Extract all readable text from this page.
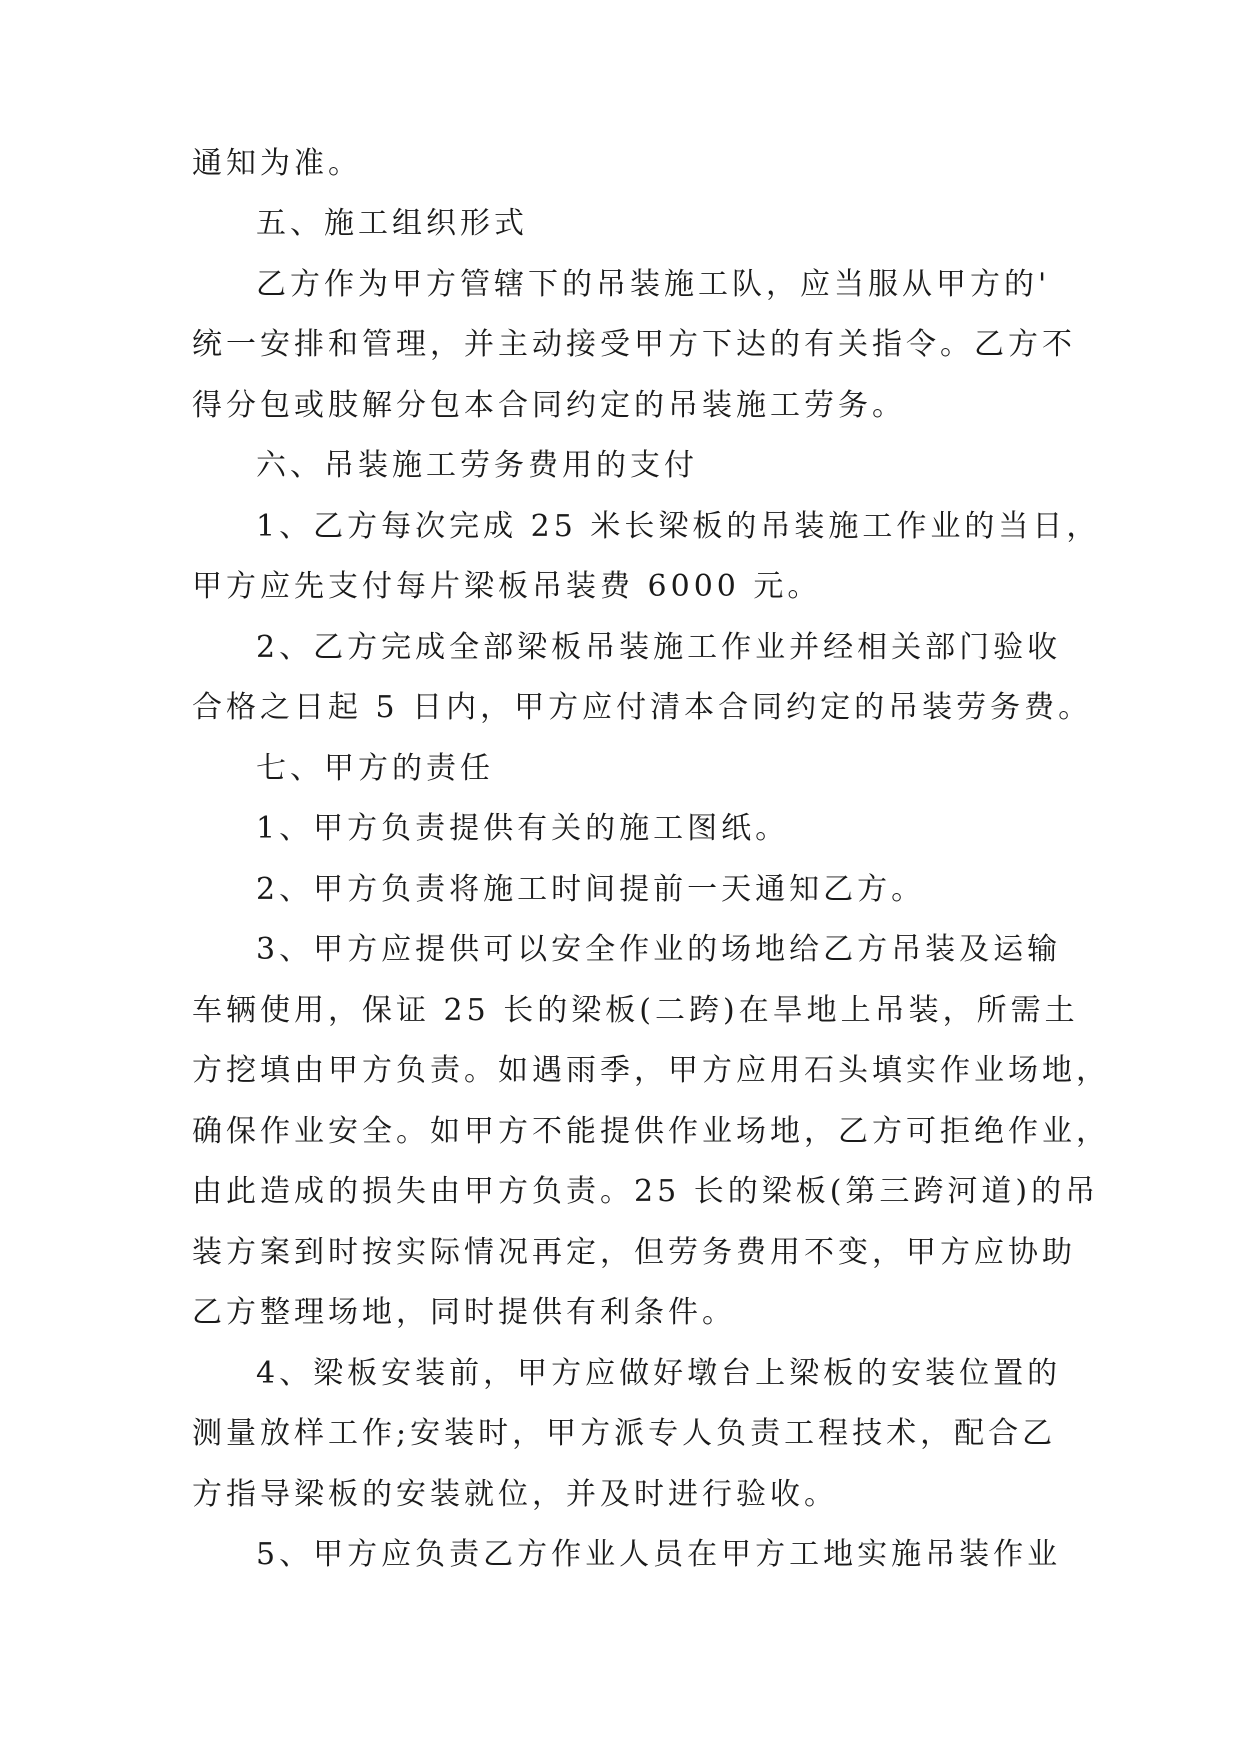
通知为准。
五、施工组织形式
乙方作为甲方管辖下的吊装施工队，应当服从甲方的'
统一安排和管理，并主动接受甲方下达的有关指令。乙方不
得分包或肢解分包本合同约定的吊装施工劳务。
六、吊装施工劳务费用的支付
1、乙方每次完成 25 米长梁板的吊装施工作业的当日，
甲方应先支付每片梁板吊装费 6000 元。
2、乙方完成全部梁板吊装施工作业并经相关部门验收
合格之日起 5 日内，甲方应付清本合同约定的吊装劳务费。
七、甲方的责任
1、甲方负责提供有关的施工图纸。
2、甲方负责将施工时间提前一天通知乙方。
3、甲方应提供可以安全作业的场地给乙方吊装及运输
车辆使用，保证 25 长的梁板(二跨)在旱地上吊装，所需土
方挖填由甲方负责。如遇雨季，甲方应用石头填实作业场地，
确保作业安全。如甲方不能提供作业场地，乙方可拒绝作业，
由此造成的损失由甲方负责。25 长的梁板(第三跨河道)的吊
装方案到时按实际情况再定，但劳务费用不变，甲方应协助
乙方整理场地，同时提供有利条件。
4、梁板安装前，甲方应做好墩台上梁板的安装位置的
测量放样工作;安装时，甲方派专人负责工程技术，配合乙
方指导梁板的安装就位，并及时进行验收。
5、甲方应负责乙方作业人员在甲方工地实施吊装作业
